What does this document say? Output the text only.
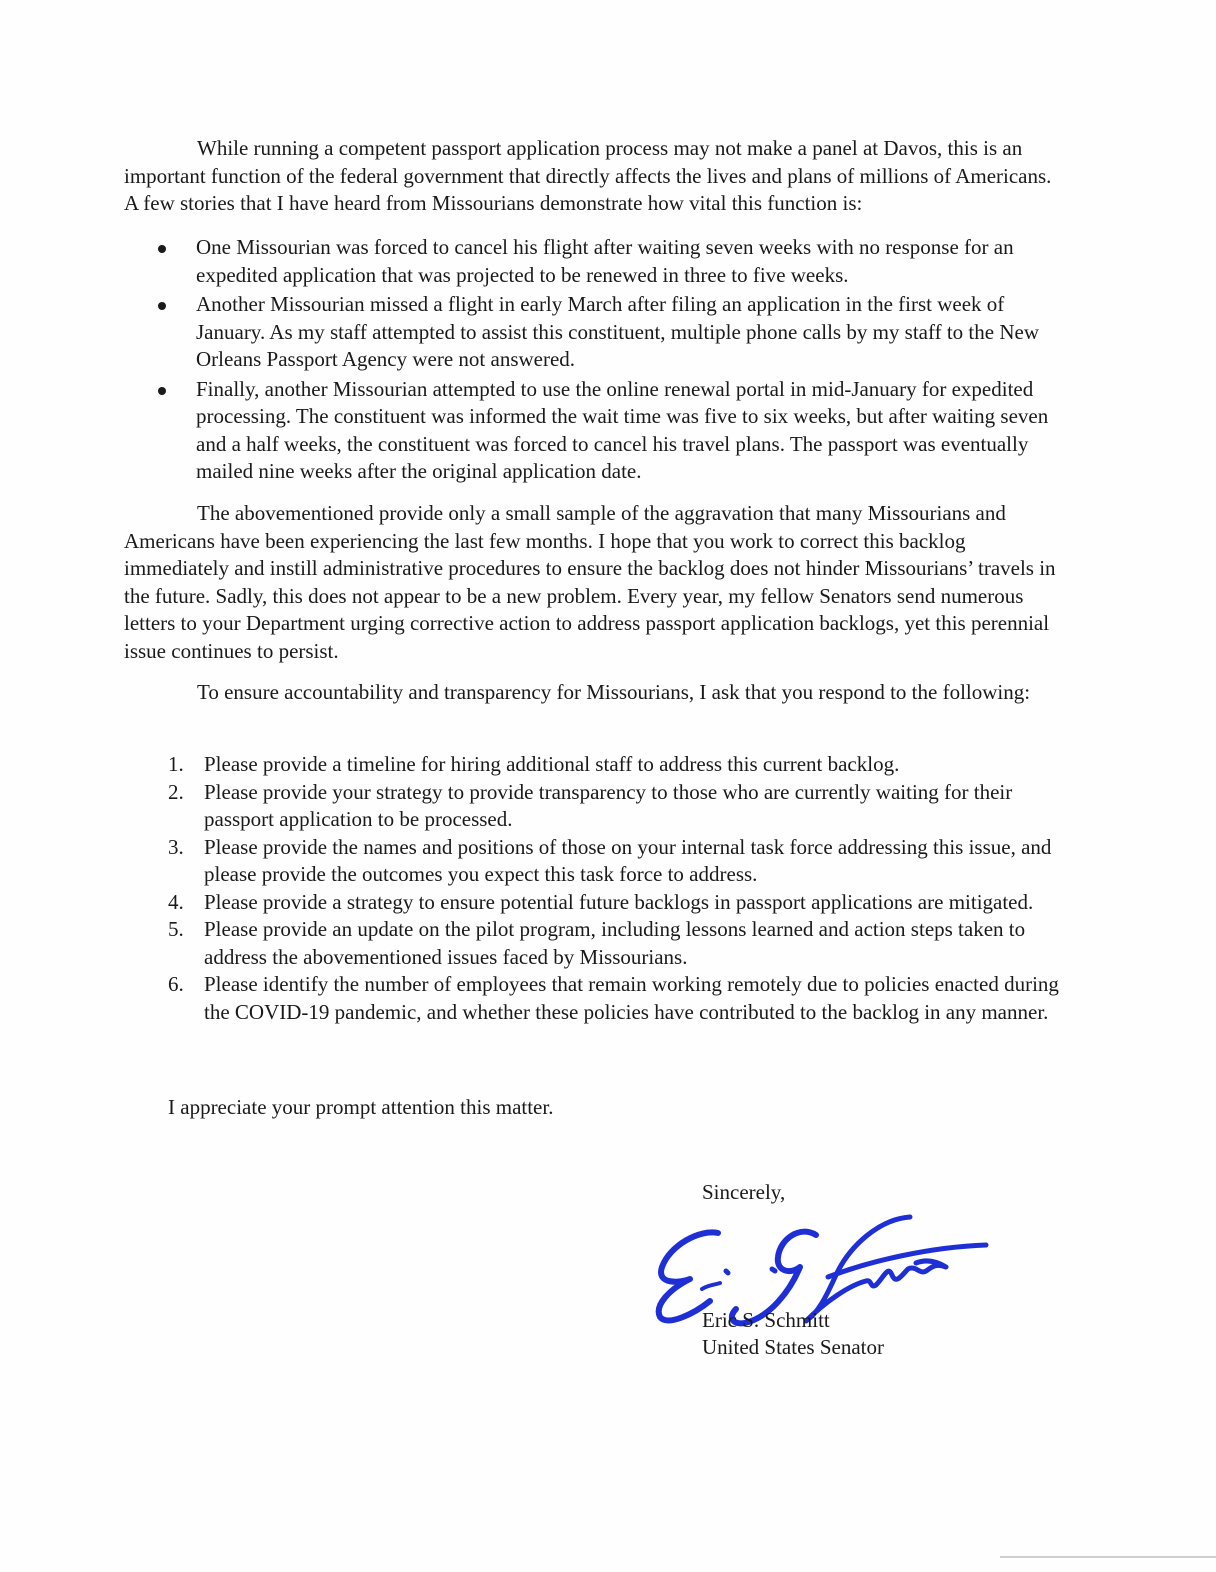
While running a competent passport application process may not make a panel at Davos, this is an important function of the federal government that directly affects the lives and plans of millions of Americans. A few stories that I have heard from Missourians demonstrate how vital this function is:

One Missourian was forced to cancel his flight after waiting seven weeks with no response for an expedited application that was projected to be renewed in three to five weeks.
Another Missourian missed a flight in early March after filing an application in the first week of January. As my staff attempted to assist this constituent, multiple phone calls by my staff to the New Orleans Passport Agency were not answered.
Finally, another Missourian attempted to use the online renewal portal in mid-January for expedited processing. The constituent was informed the wait time was five to six weeks, but after waiting seven and a half weeks, the constituent was forced to cancel his travel plans. The passport was eventually mailed nine weeks after the original application date.

The abovementioned provide only a small sample of the aggravation that many Missourians and Americans have been experiencing the last few months. I hope that you work to correct this backlog immediately and instill administrative procedures to ensure the backlog does not hinder Missourians’ travels in the future. Sadly, this does not appear to be a new problem. Every year, my fellow Senators send numerous letters to your Department urging corrective action to address passport application backlogs, yet this perennial issue continues to persist.

To ensure accountability and transparency for Missourians, I ask that you respond to the following:

1. Please provide a timeline for hiring additional staff to address this current backlog.
2. Please provide your strategy to provide transparency to those who are currently waiting for their passport application to be processed.
3. Please provide the names and positions of those on your internal task force addressing this issue, and please provide the outcomes you expect this task force to address.
4. Please provide a strategy to ensure potential future backlogs in passport applications are mitigated.
5. Please provide an update on the pilot program, including lessons learned and action steps taken to address the abovementioned issues faced by Missourians.
6. Please identify the number of employees that remain working remotely due to policies enacted during the COVID-19 pandemic, and whether these policies have contributed to the backlog in any manner.

I appreciate your prompt attention this matter.

Sincerely,

Eric S. Schmitt

United States Senator
